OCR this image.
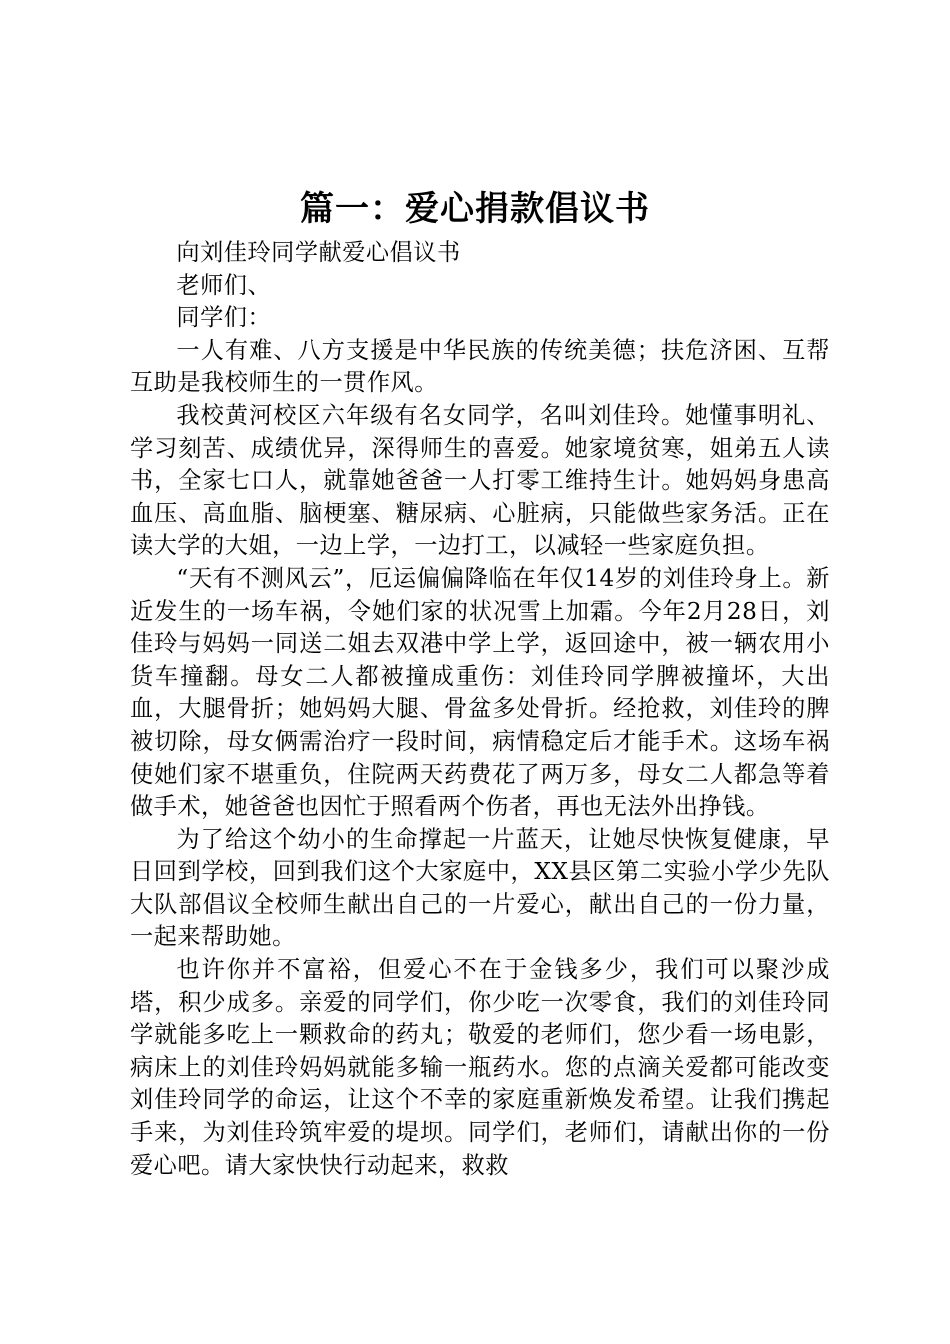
篇一：爱心捐款倡议书

向刘佳玲同学献爱心倡议书

老师们、

同学们：

一人有难、八方支援是中华民族的传统美德；扶危济困、互帮互助是我校师生的一贯作风。

我校黄河校区六年级有名女同学，名叫刘佳玲。她懂事明礼、学习刻苦、成绩优异，深得师生的喜爱。她家境贫寒，姐弟五人读书，全家七口人，就靠她爸爸一人打零工维持生计。她妈妈身患高血压、高血脂、脑梗塞、糖尿病、心脏病，只能做些家务活。正在读大学的大姐，一边上学，一边打工，以减轻一些家庭负担。

“天有不测风云”，厄运偏偏降临在年仅14岁的刘佳玲身上。新近发生的一场车祸，令她们家的状况雪上加霜。今年2月28日，刘佳玲与妈妈一同送二姐去双港中学上学，返回途中，被一辆农用小货车撞翻。母女二人都被撞成重伤：刘佳玲同学脾被撞坏，大出血，大腿骨折；她妈妈大腿、骨盆多处骨折。经抢救，刘佳玲的脾被切除，母女俩需治疗一段时间，病情稳定后才能手术。这场车祸使她们家不堪重负，住院两天药费花了两万多，母女二人都急等着做手术，她爸爸也因忙于照看两个伤者，再也无法外出挣钱。

为了给这个幼小的生命撑起一片蓝天，让她尽快恢复健康，早日回到学校，回到我们这个大家庭中，XX县区第二实验小学少先队大队部倡议全校师生献出自己的一片爱心，献出自己的一份力量，一起来帮助她。

也许你并不富裕，但爱心不在于金钱多少，我们可以聚沙成塔，积少成多。亲爱的同学们，你少吃一次零食，我们的刘佳玲同学就能多吃上一颗救命的药丸；敬爱的老师们，您少看一场电影，病床上的刘佳玲妈妈就能多输一瓶药水。您的点滴关爱都可能改变刘佳玲同学的命运，让这个不幸的家庭重新焕发希望。让我们携起手来，为刘佳玲筑牢爱的堤坝。同学们，老师们，请献出你的一份爱心吧。请大家快快行动起来，救救
